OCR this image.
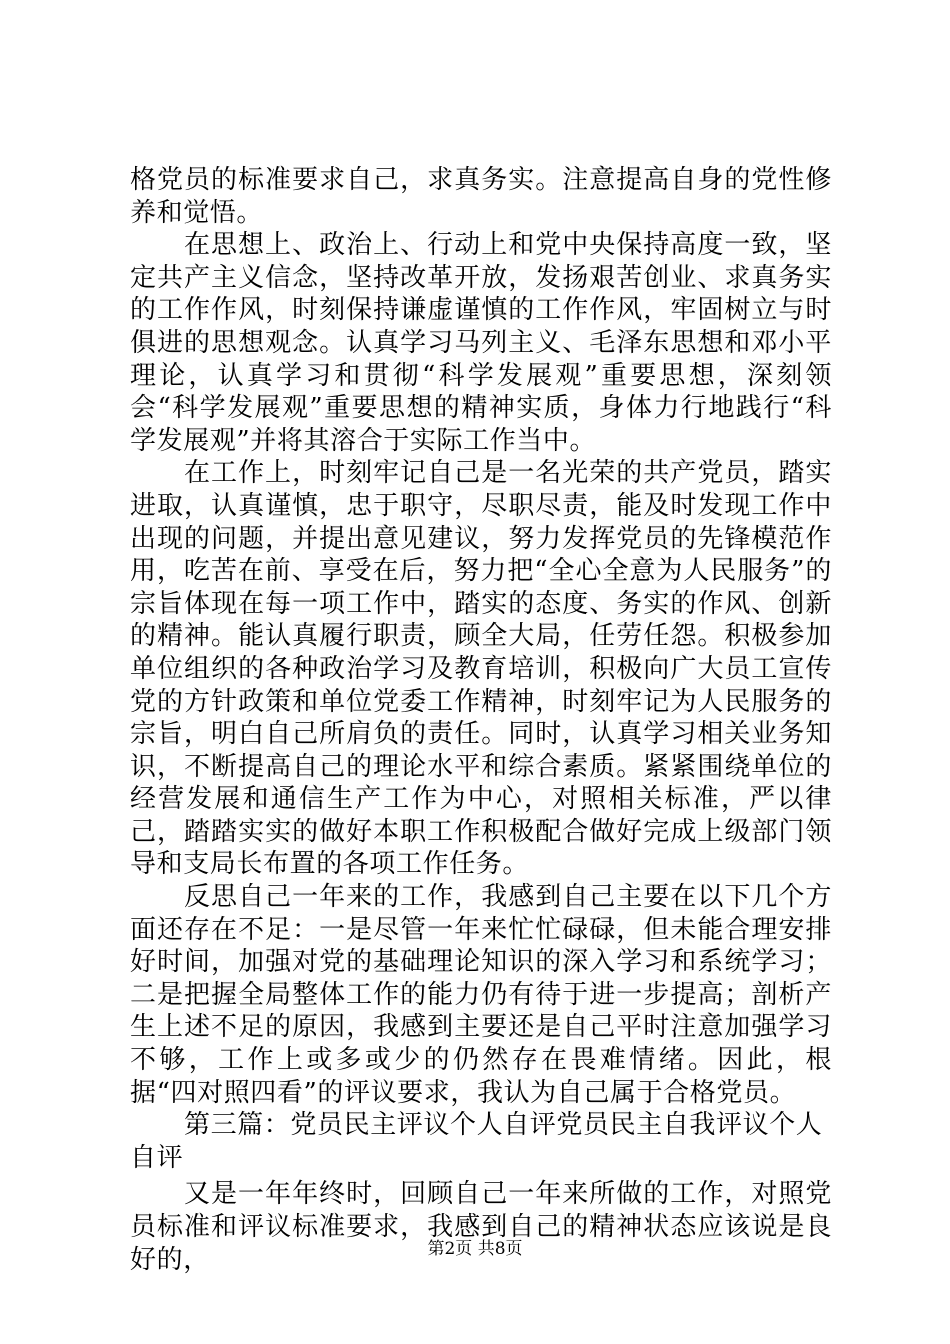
格党员的标准要求自己，求真务实。注意提高自身的党性修养和觉悟。

在思想上、政治上、行动上和党中央保持高度一致，坚定共产主义信念，坚持改革开放，发扬艰苦创业、求真务实的工作作风，时刻保持谦虚谨慎的工作作风，牢固树立与时俱进的思想观念。认真学习马列主义、毛泽东思想和邓小平理论，认真学习和贯彻“科学发展观”重要思想，深刻领会“科学发展观”重要思想的精神实质，身体力行地践行“科学发展观”并将其溶合于实际工作当中。

在工作上，时刻牢记自己是一名光荣的共产党员，踏实进取，认真谨慎，忠于职守，尽职尽责，能及时发现工作中出现的问题，并提出意见建议，努力发挥党员的先锋模范作用，吃苦在前、享受在后，努力把“全心全意为人民服务”的宗旨体现在每一项工作中，踏实的态度、务实的作风、创新的精神。能认真履行职责，顾全大局，任劳任怨。积极参加单位组织的各种政治学习及教育培训，积极向广大员工宣传党的方针政策和单位党委工作精神，时刻牢记为人民服务的宗旨，明白自己所肩负的责任。同时，认真学习相关业务知识，不断提高自己的理论水平和综合素质。紧紧围绕单位的经营发展和通信生产工作为中心，对照相关标准，严以律己，踏踏实实的做好本职工作积极配合做好完成上级部门领导和支局长布置的各项工作任务。

反思自己一年来的工作，我感到自己主要在以下几个方面还存在不足：一是尽管一年来忙忙碌碌，但未能合理安排好时间，加强对党的基础理论知识的深入学习和系统学习；二是把握全局整体工作的能力仍有待于进一步提高；剖析产生上述不足的原因，我感到主要还是自己平时注意加强学习不够，工作上或多或少的仍然存在畏难情绪。因此，根据“四对照四看”的评议要求，我认为自己属于合格党员。

第三篇：党员民主评议个人自评党员民主自我评议个人自评

又是一年年终时，回顾自己一年来所做的工作，对照党员标准和评议标准要求，我感到自己的精神状态应该说是良好的，	第2页 共8页
